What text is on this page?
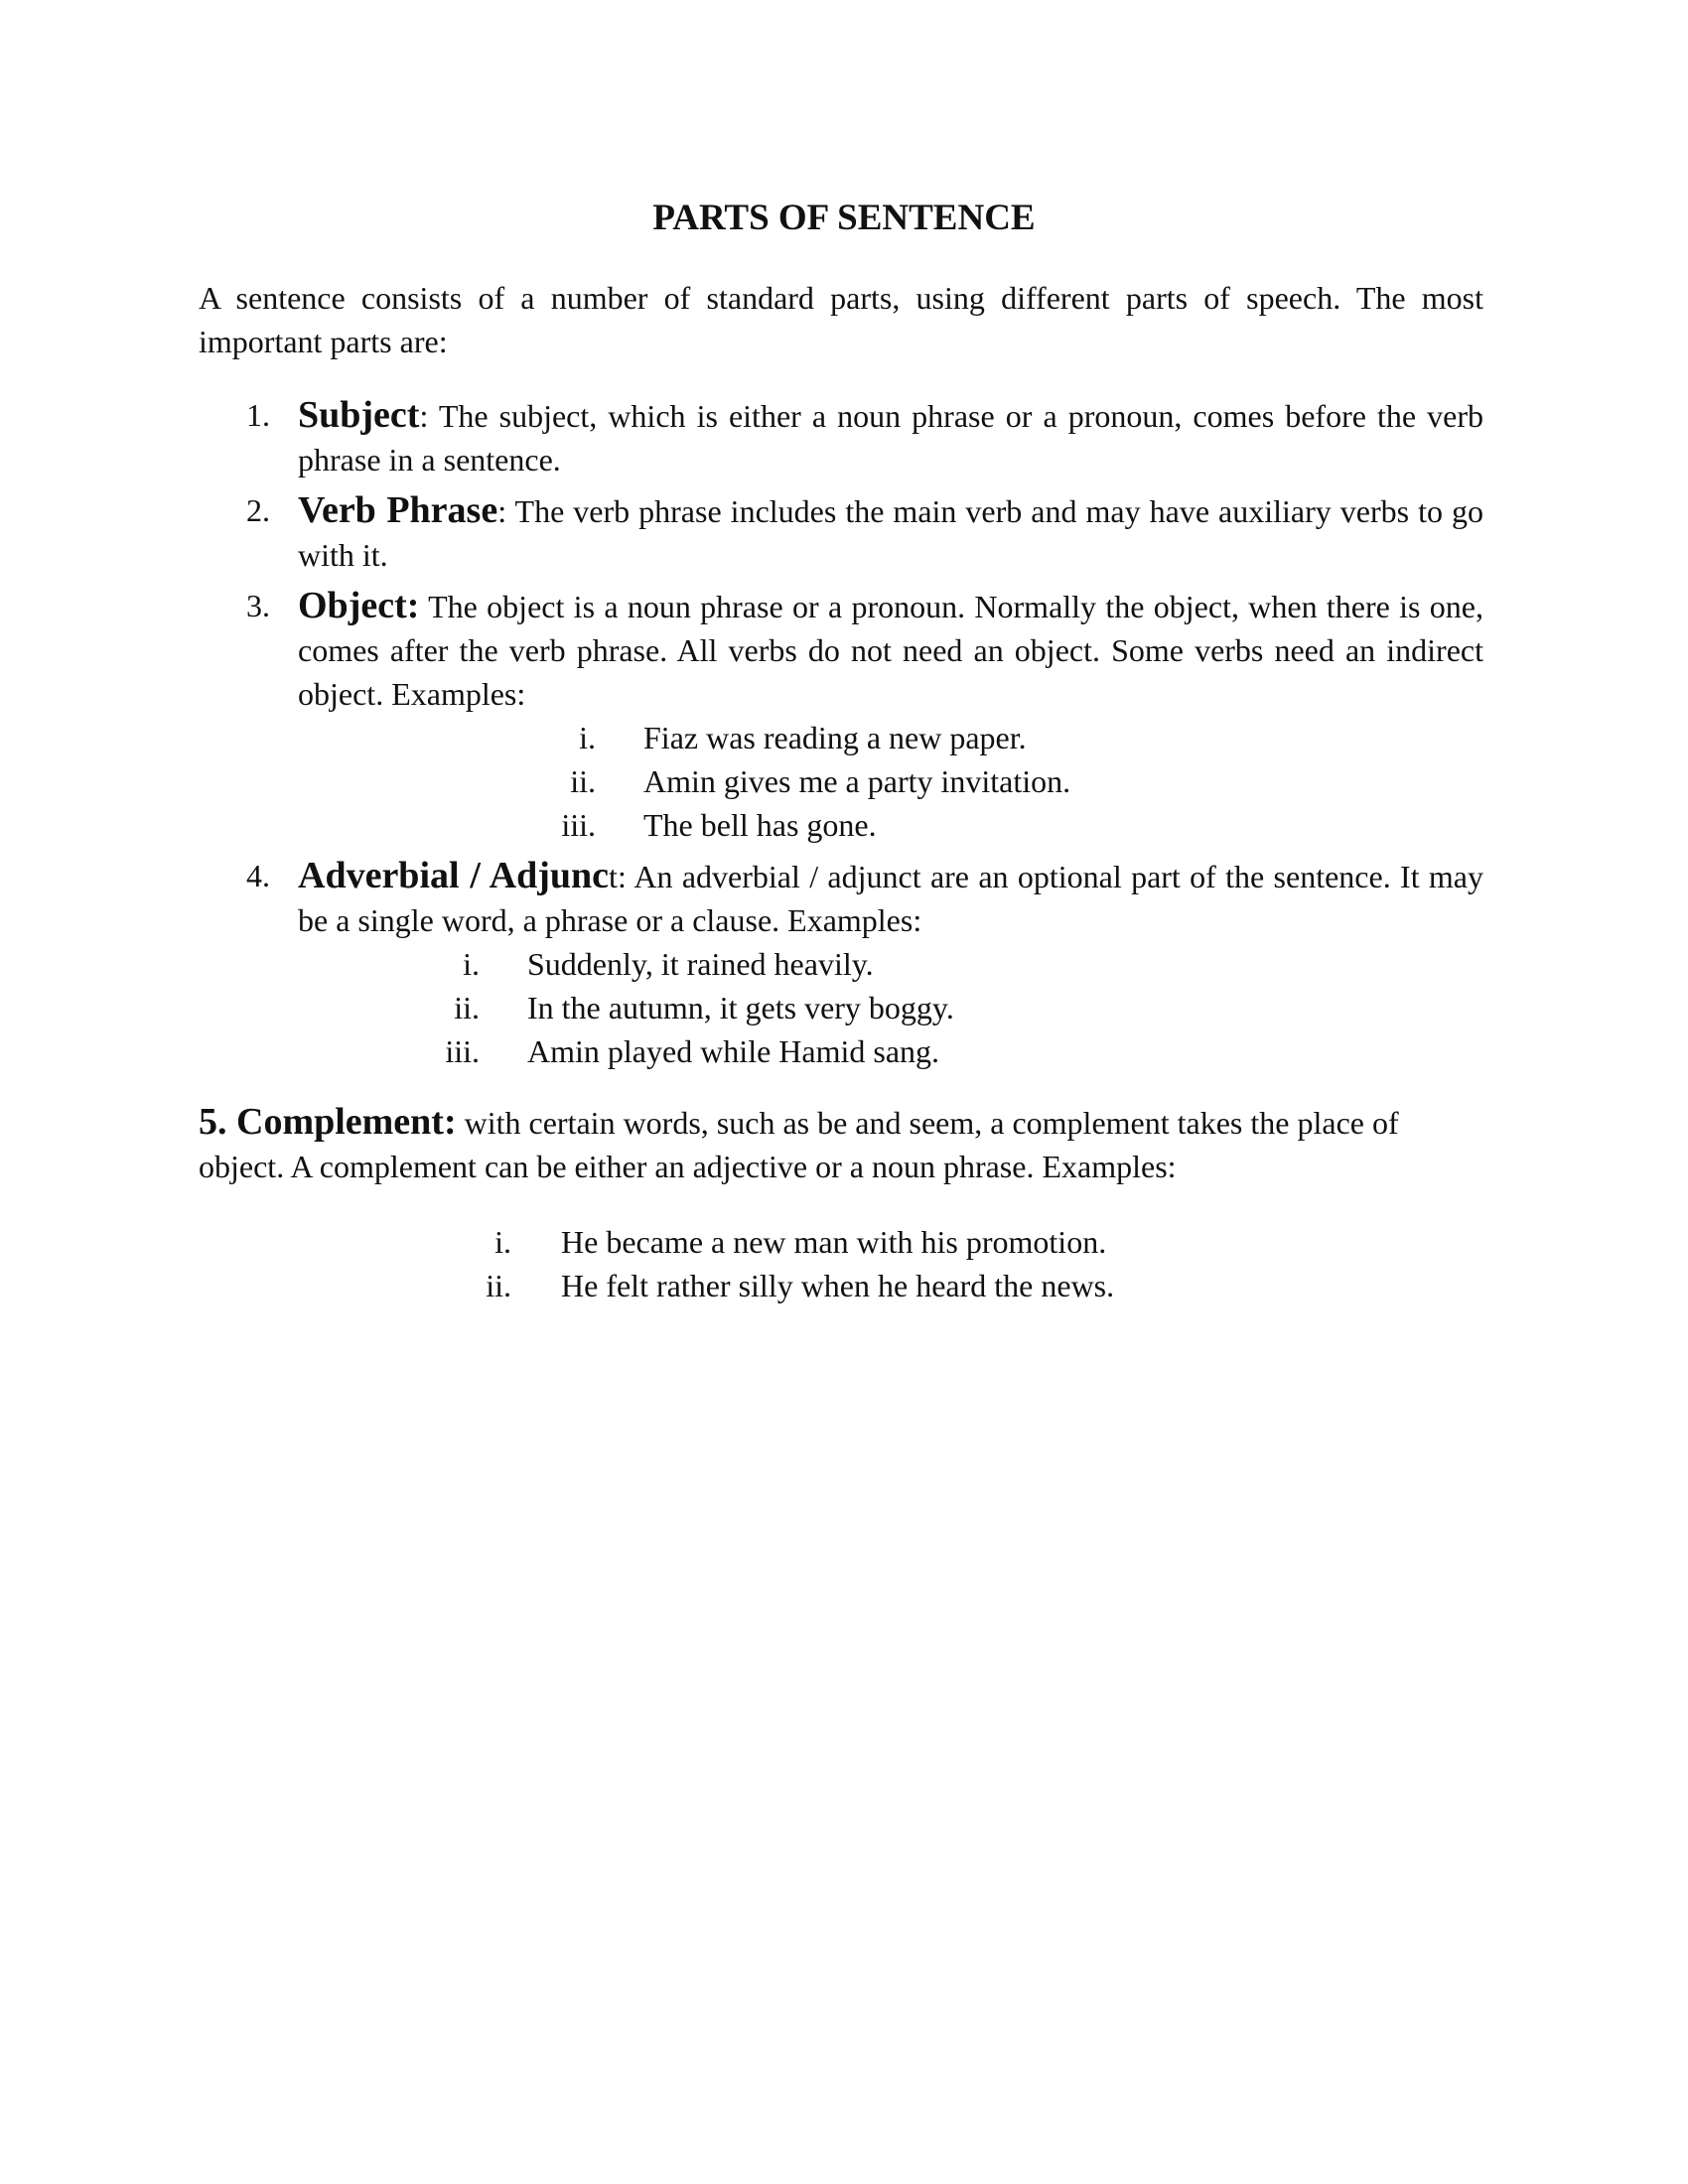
PARTS OF SENTENCE

A sentence consists of a number of standard parts, using different parts of speech. The most important parts are:

1. Subject: The subject, which is either a noun phrase or a pronoun, comes before the verb phrase in a sentence.
2. Verb Phrase: The verb phrase includes the main verb and may have auxiliary verbs to go with it.
3. Object: The object is a noun phrase or a pronoun. Normally the object, when there is one, comes after the verb phrase. All verbs do not need an object. Some verbs need an indirect object. Examples:
i. Fiaz was reading a new paper.
ii. Amin gives me a party invitation.
iii. The bell has gone.
4. Adverbial / Adjunct: An adverbial / adjunct are an optional part of the sentence. It may be a single word, a phrase or a clause. Examples:
i. Suddenly, it rained heavily.
ii. In the autumn, it gets very boggy.
iii. Amin played while Hamid sang.

5. Complement: with certain words, such as be and seem, a complement takes the place of object. A complement can be either an adjective or a noun phrase. Examples:

i. He became a new man with his promotion.
ii. He felt rather silly when he heard the news.
